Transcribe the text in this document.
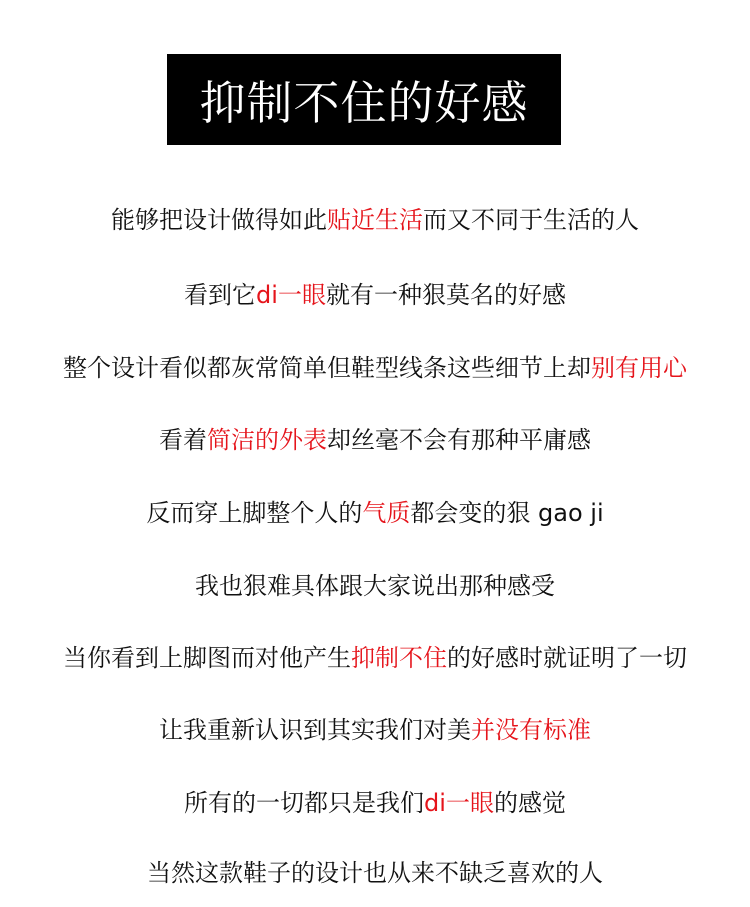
抑制不住的好感
能够把设计做得如此贴近生活而又不同于生活的人
看到它di一眼就有一种狠莫名的好感
整个设计看似都灰常简单但鞋型线条这些细节上却别有用心
看着简洁的外表却丝毫不会有那种平庸感
反而穿上脚整个人的气质都会变的狠 gao ji
我也狠难具体跟大家说出那种感受
当你看到上脚图而对他产生抑制不住的好感时就证明了一切
让我重新认识到其实我们对美并没有标准
所有的一切都只是我们di一眼的感觉
当然这款鞋子的设计也从来不缺乏喜欢的人
